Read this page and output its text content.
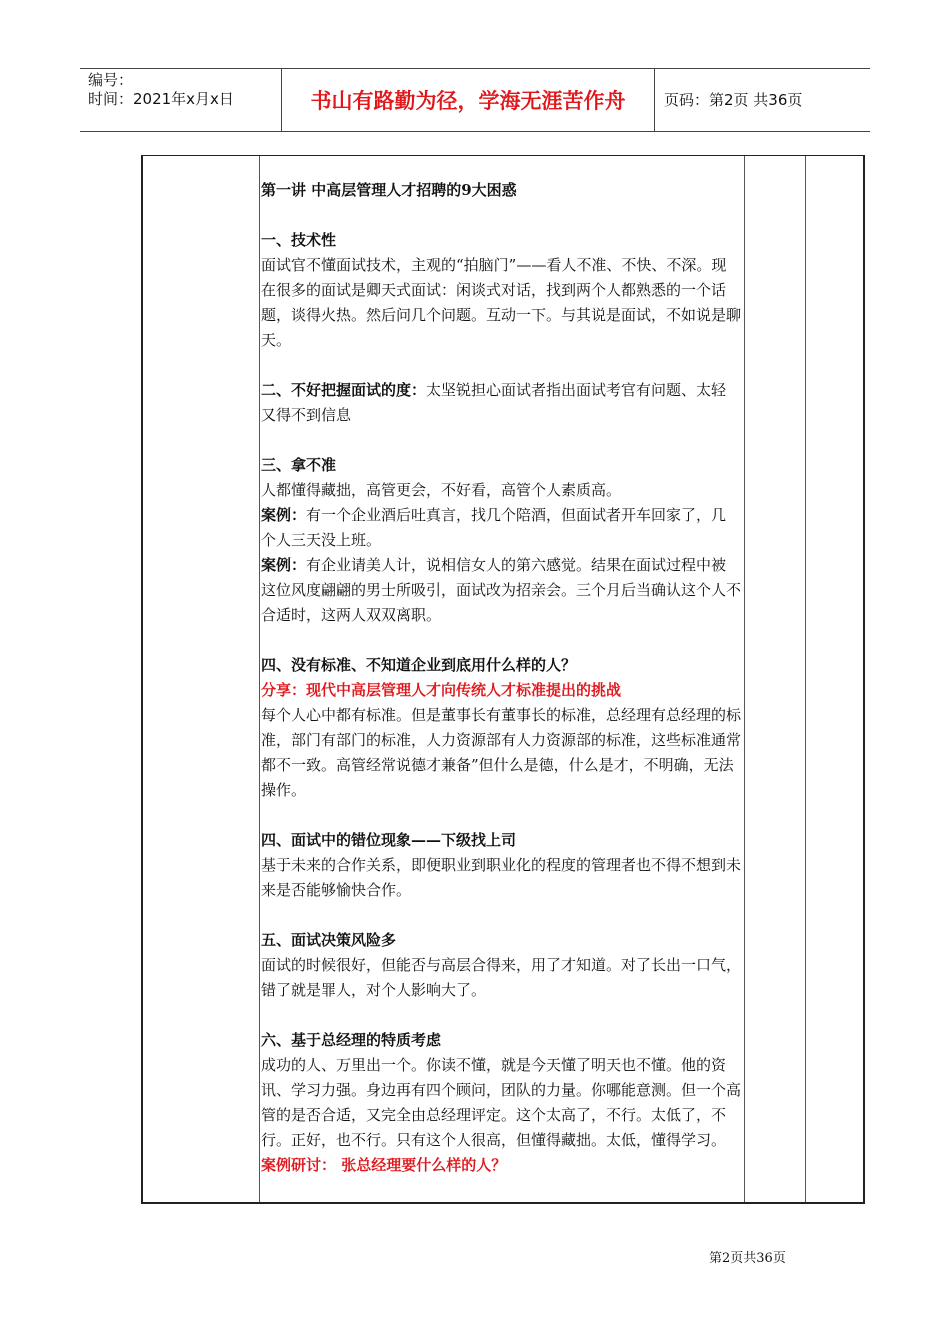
编号：
时间：2021年x月x日	书山有路勤为径，学海无涯苦作舟	页码：第2页 共36页

第一讲 中高层管理人才招聘的9大困惑

一、技术性

面试官不懂面试技术，主观的“拍脑门”——看人不准、不快、不深。现在很多的面试是卿天式面试：闲谈式对话，找到两个人都熟悉的一个话题，谈得火热。然后问几个问题。互动一下。与其说是面试，不如说是聊天。

二、不好把握面试的度：太坚锐担心面试者指出面试考官有问题、太轻又得不到信息

三、拿不准

人都懂得藏拙，高管更会，不好看，高管个人素质高。

案例：有一个企业酒后吐真言，找几个陪酒，但面试者开车回家了，几个人三天没上班。

案例：有企业请美人计，说相信女人的第六感觉。结果在面试过程中被这位风度翩翩的男士所吸引，面试改为招亲会。三个月后当确认这个人不合适时，这两人双双离职。

四、没有标准、不知道企业到底用什么样的人？

分享：现代中高层管理人才向传统人才标准提出的挑战

每个人心中都有标准。但是董事长有董事长的标准，总经理有总经理的标准，部门有部门的标准，人力资源部有人力资源部的标准，这些标准通常都不一致。高管经常说德才兼备”但什么是德，什么是才，不明确，无法操作。

四、面试中的错位现象——下级找上司

基于未来的合作关系，即便职业到职业化的程度的管理者也不得不想到未来是否能够愉快合作。

五、面试决策风险多

面试的时候很好，但能否与高层合得来，用了才知道。对了长出一口气，错了就是罪人，对个人影响大了。

六、基于总经理的特质考虑

成功的人、万里出一个。你读不懂，就是今天懂了明天也不懂。他的资讯、学习力强。身边再有四个顾问，团队的力量。你哪能意测。但一个高管的是否合适，又完全由总经理评定。这个太高了，不行。太低了，不行。正好，也不行。只有这个人很高，但懂得藏拙。太低，懂得学习。

案例研讨： 张总经理要什么样的人？

第2页共36页
